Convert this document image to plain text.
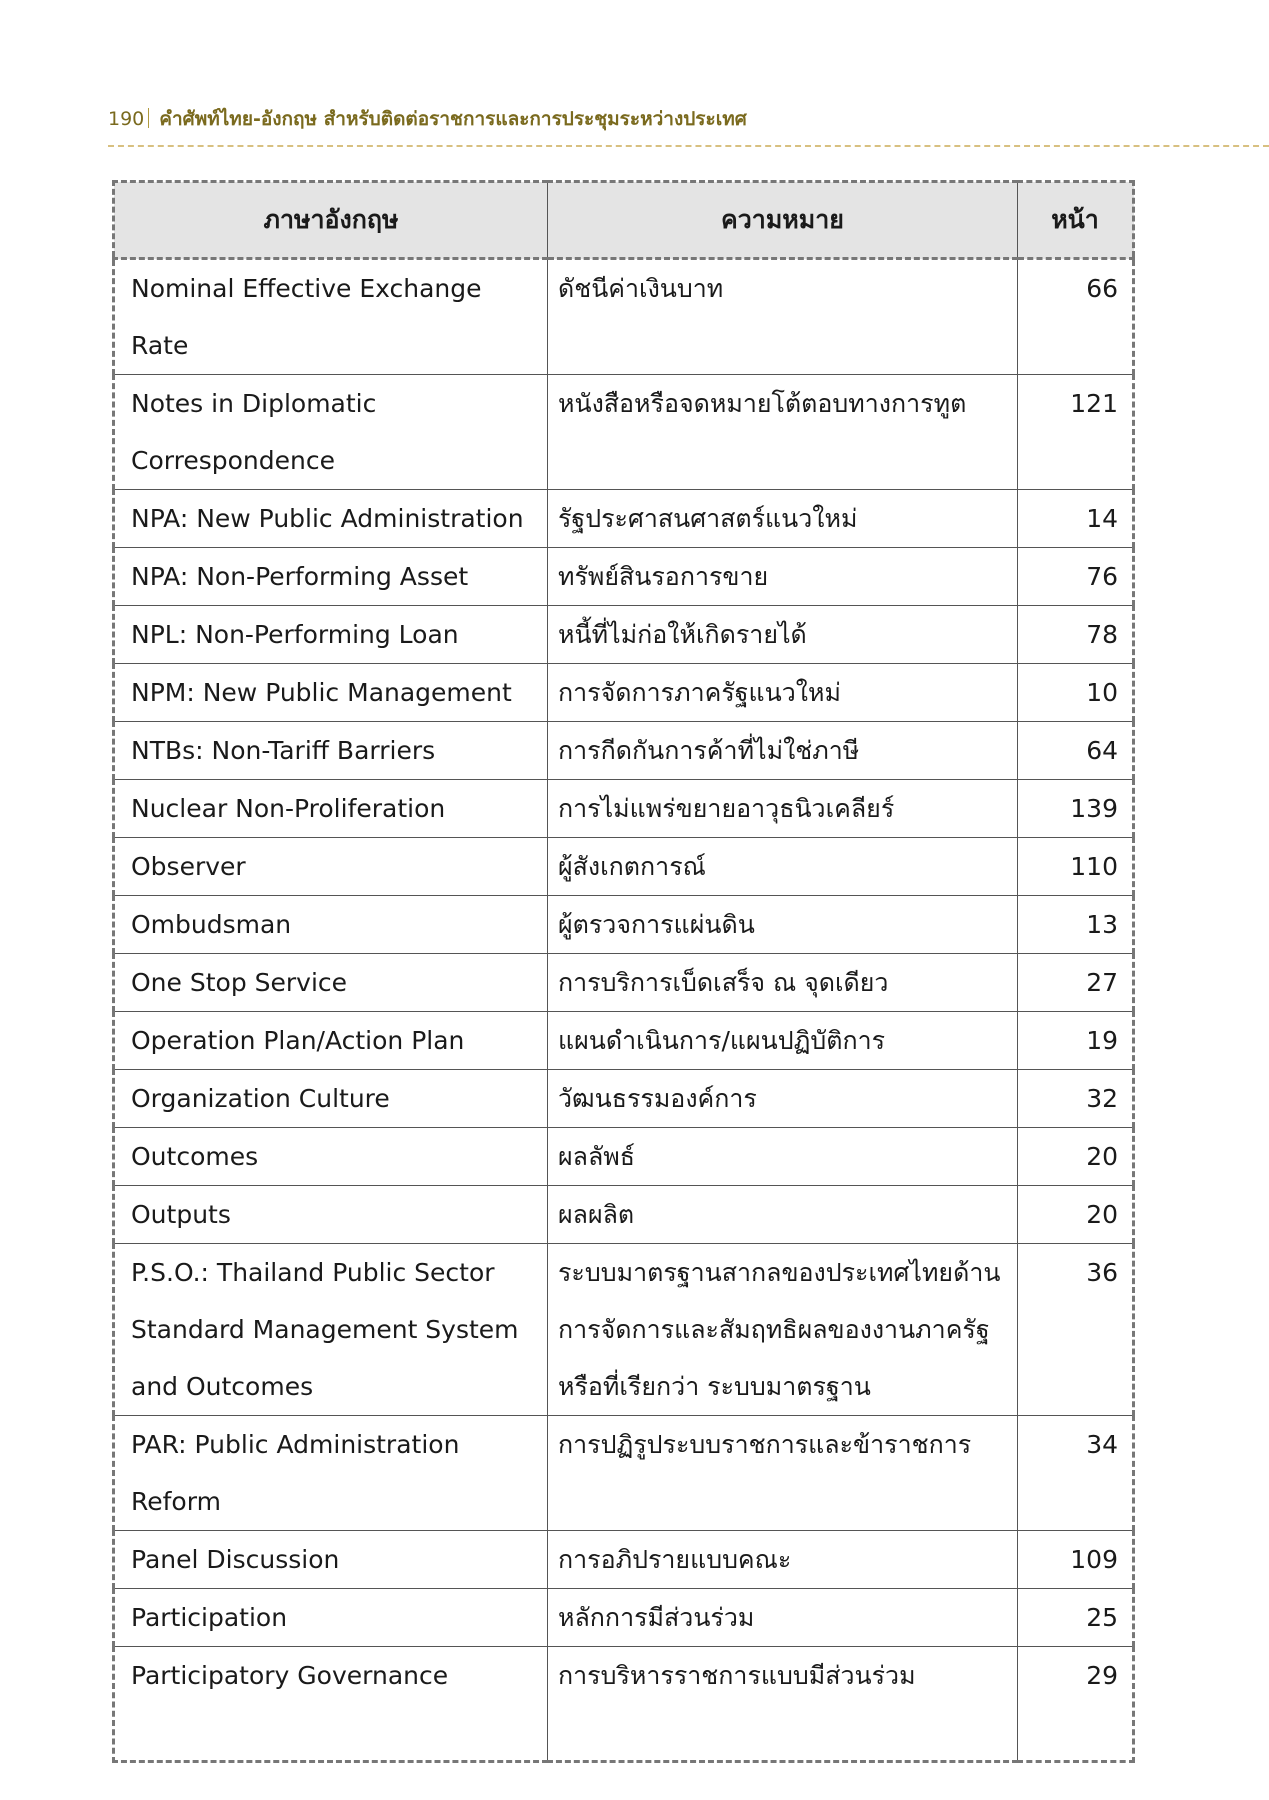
190 คำศัพท์ไทย-อังกฤษ สำหรับติดต่อราชการและการประชุมระหว่างประเทศ
ภาษาอังกฤษ	ความหมาย	หน้า
Nominal Effective Exchange Rate	ดัชนีค่าเงินบาท	66
Notes in Diplomatic Correspondence	หนังสือหรือจดหมายโต้ตอบทางการทูต	121
NPA: New Public Administration	รัฐประศาสนศาสตร์แนวใหม่	14
NPA: Non-Performing Asset	ทรัพย์สินรอการขาย	76
NPL: Non-Performing Loan	หนี้ที่ไม่ก่อให้เกิดรายได้	78
NPM: New Public Management	การจัดการภาครัฐแนวใหม่	10
NTBs: Non-Tariff Barriers	การกีดกันการค้าที่ไม่ใช่ภาษี	64
Nuclear Non-Proliferation	การไม่แพร่ขยายอาวุธนิวเคลียร์	139
Observer	ผู้สังเกตการณ์	110
Ombudsman	ผู้ตรวจการแผ่นดิน	13
One Stop Service	การบริการเบ็ดเสร็จ ณ จุดเดียว	27
Operation Plan/Action Plan	แผนดำเนินการ/แผนปฏิบัติการ	19
Organization Culture	วัฒนธรรมองค์การ	32
Outcomes	ผลลัพธ์	20
Outputs	ผลผลิต	20
P.S.O.: Thailand Public Sector Standard Management System and Outcomes	ระบบมาตรฐานสากลของประเทศไทยด้านการจัดการและสัมฤทธิผลของงานภาครัฐ หรือที่เรียกว่า ระบบมาตรฐาน	36
PAR: Public Administration Reform	การปฏิรูประบบราชการและข้าราชการ	34
Panel Discussion	การอภิปรายแบบคณะ	109
Participation	หลักการมีส่วนร่วม	25
Participatory Governance	การบริหารราชการแบบมีส่วนร่วม	29
